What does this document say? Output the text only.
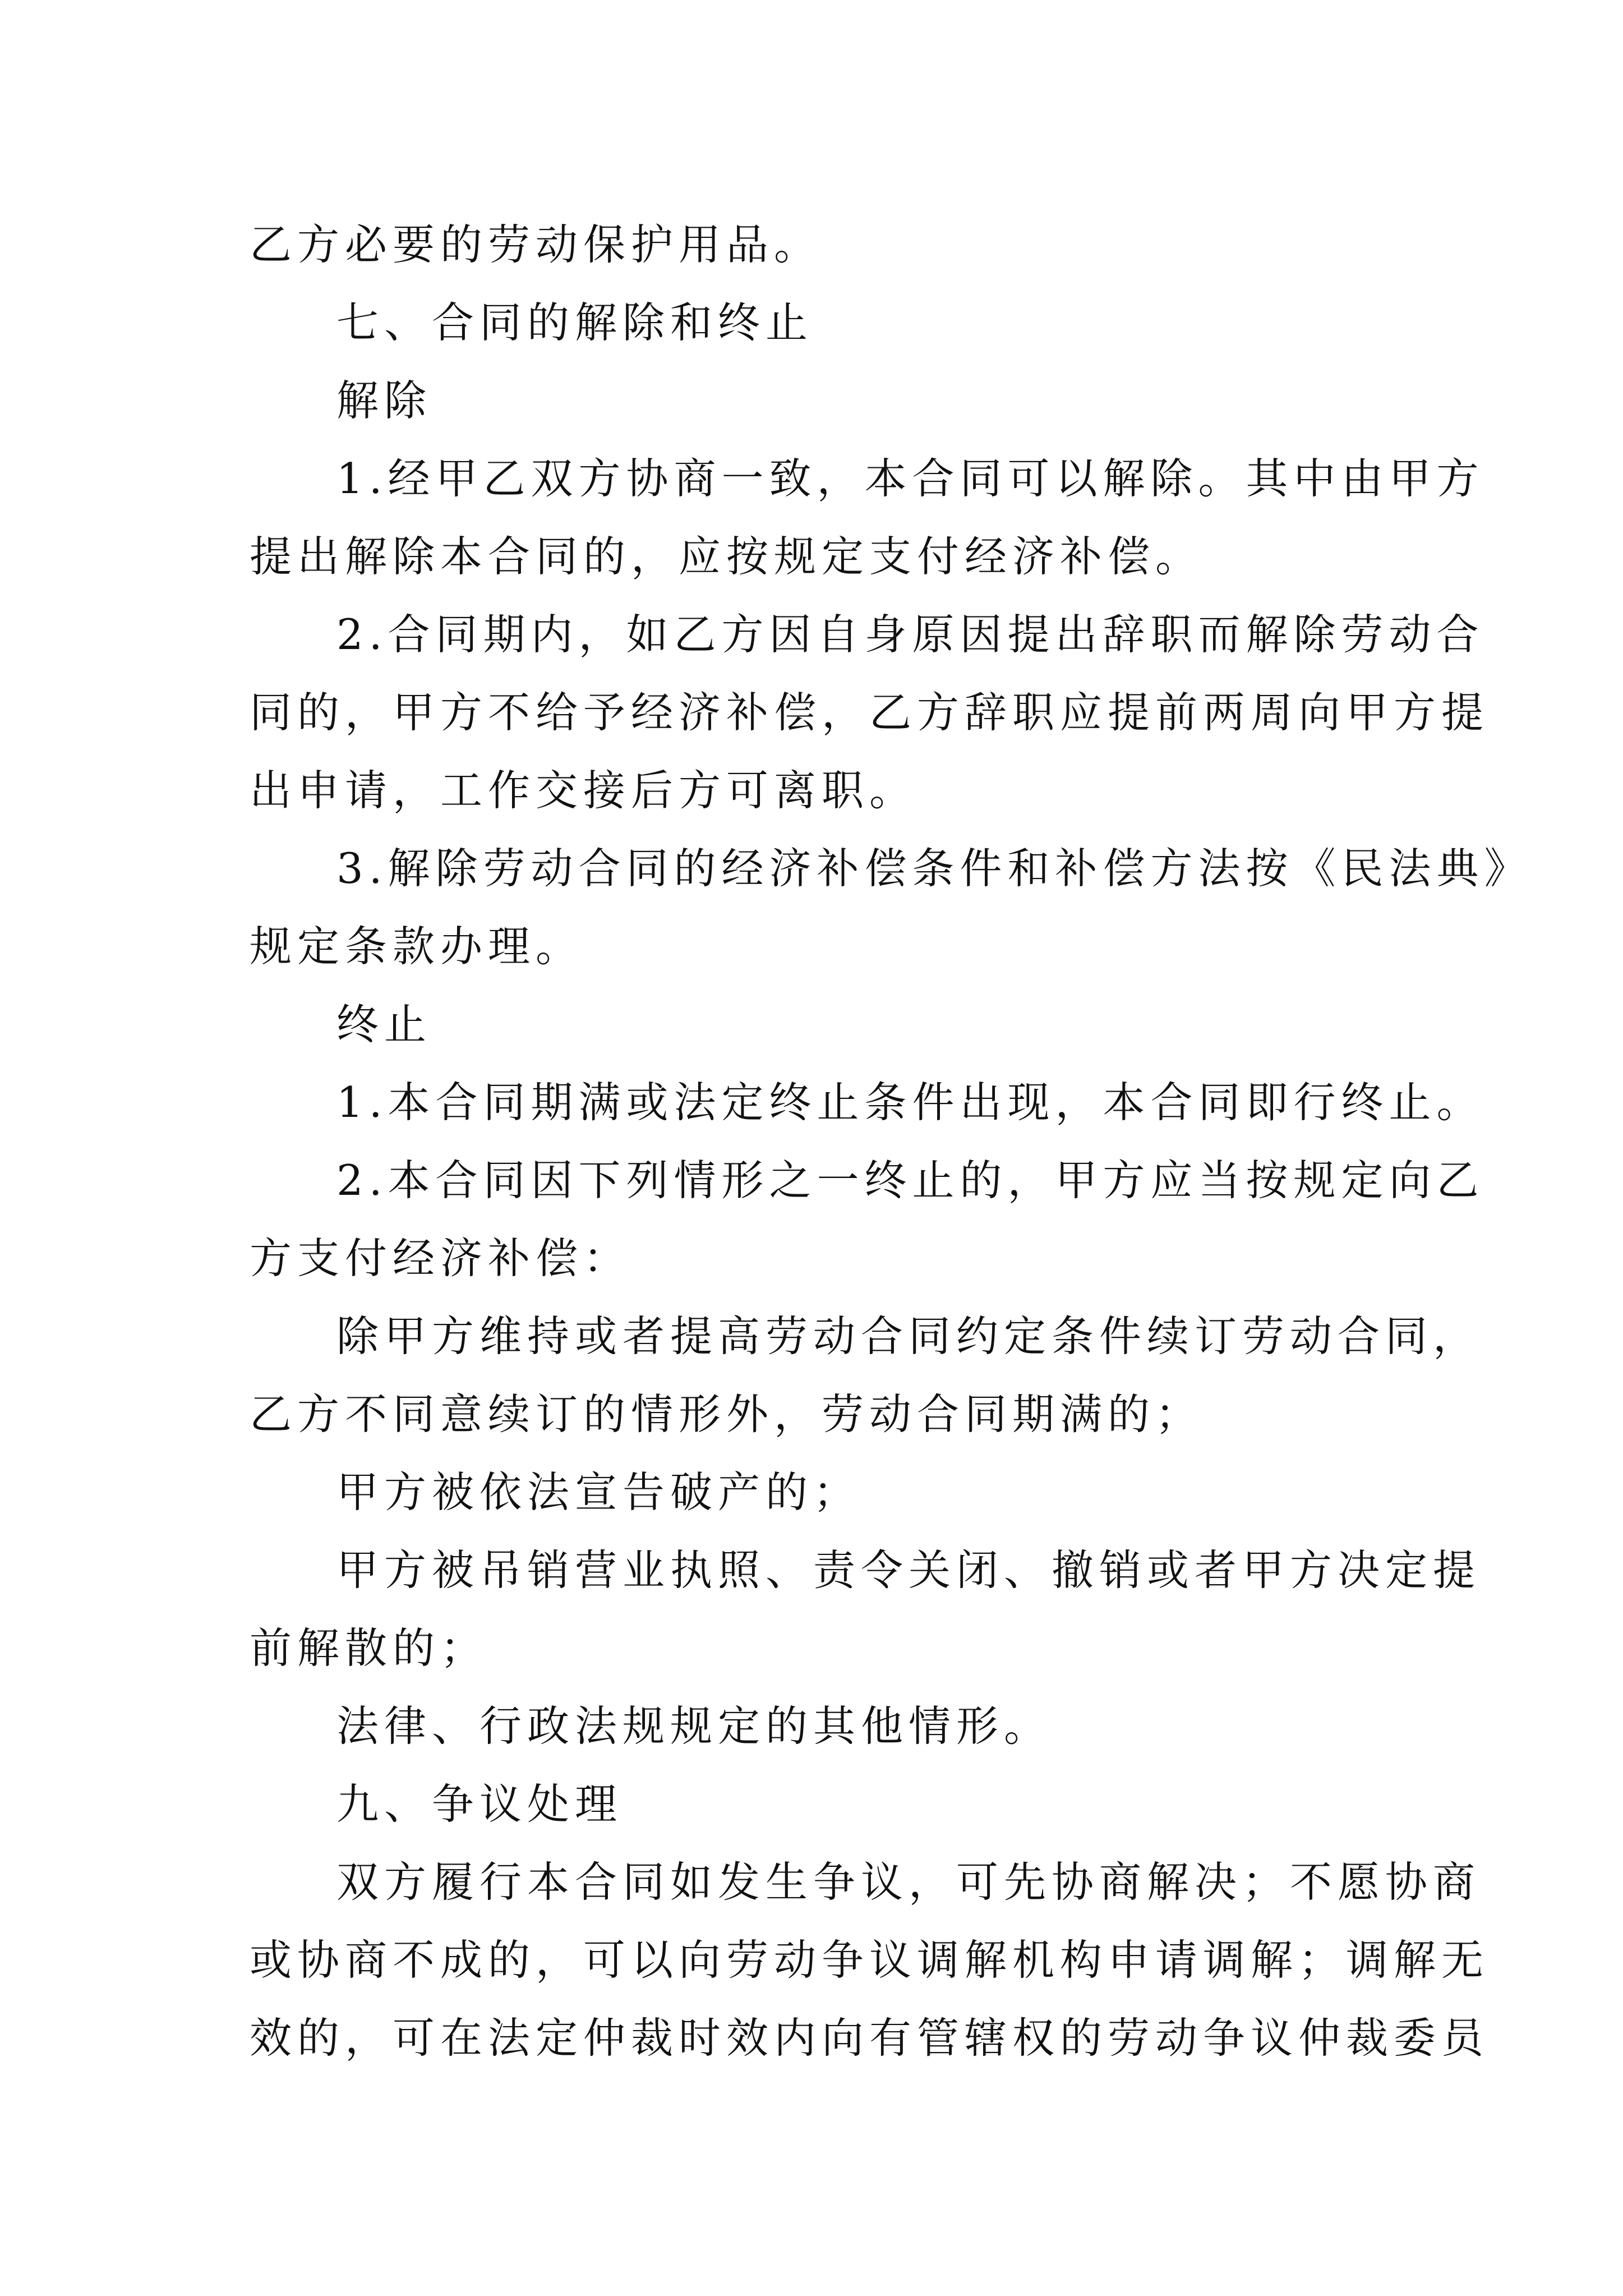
乙方必要的劳动保护用品。
七、合同的解除和终止
解除
1.经甲乙双方协商一致，本合同可以解除。其中由甲方
提出解除本合同的，应按规定支付经济补偿。
2.合同期内，如乙方因自身原因提出辞职而解除劳动合
同的，甲方不给予经济补偿，乙方辞职应提前两周向甲方提
出申请，工作交接后方可离职。
3.解除劳动合同的经济补偿条件和补偿方法按《民法典》
规定条款办理。
终止
1.本合同期满或法定终止条件出现，本合同即行终止。
2.本合同因下列情形之一终止的，甲方应当按规定向乙
方支付经济补偿：
除甲方维持或者提高劳动合同约定条件续订劳动合同，
乙方不同意续订的情形外，劳动合同期满的；
甲方被依法宣告破产的；
甲方被吊销营业执照、责令关闭、撤销或者甲方决定提
前解散的；
法律、行政法规规定的其他情形。
九、争议处理
双方履行本合同如发生争议，可先协商解决；不愿协商
或协商不成的，可以向劳动争议调解机构申请调解；调解无
效的，可在法定仲裁时效内向有管辖权的劳动争议仲裁委员
